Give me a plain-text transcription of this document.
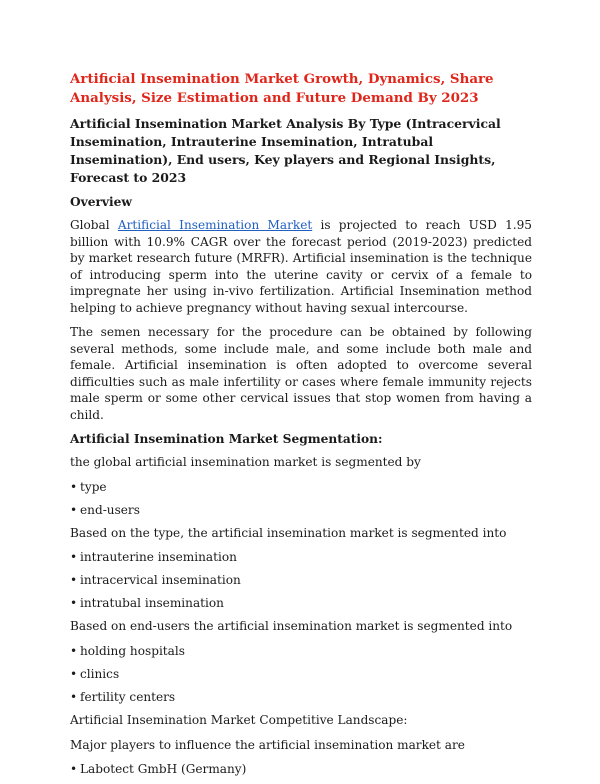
Artificial Insemination Market Growth, Dynamics, Share Analysis, Size Estimation and Future Demand By 2023
Artificial Insemination Market Analysis By Type (Intracervical Insemination, Intrauterine Insemination, Intratubal Insemination), End users, Key players and Regional Insights, Forecast to 2023
Overview

Global Artificial Insemination Market is projected to reach USD 1.95 billion with 10.9% CAGR over the forecast period (2019-2023) predicted by market research future (MRFR). Artificial insemination is the technique of introducing sperm into the uterine cavity or cervix of a female to impregnate her using in-vivo fertilization. Artificial Insemination method helping to achieve pregnancy without having sexual intercourse.

The semen necessary for the procedure can be obtained by following several methods, some include male, and some include both male and female. Artificial insemination is often adopted to overcome several difficulties such as male infertility or cases where female immunity rejects male sperm or some other cervical issues that stop women from having a child.

Artificial Insemination Market Segmentation:

the global artificial insemination market is segmented by

• type
• end-users

Based on the type, the artificial insemination market is segmented into

• intrauterine insemination
• intracervical insemination
• intratubal insemination

Based on end-users the artificial insemination market is segmented into

• holding hospitals
• clinics
• fertility centers

Artificial Insemination Market Competitive Landscape:

Major players to influence the artificial insemination market are

• Labotect GmbH (Germany)
